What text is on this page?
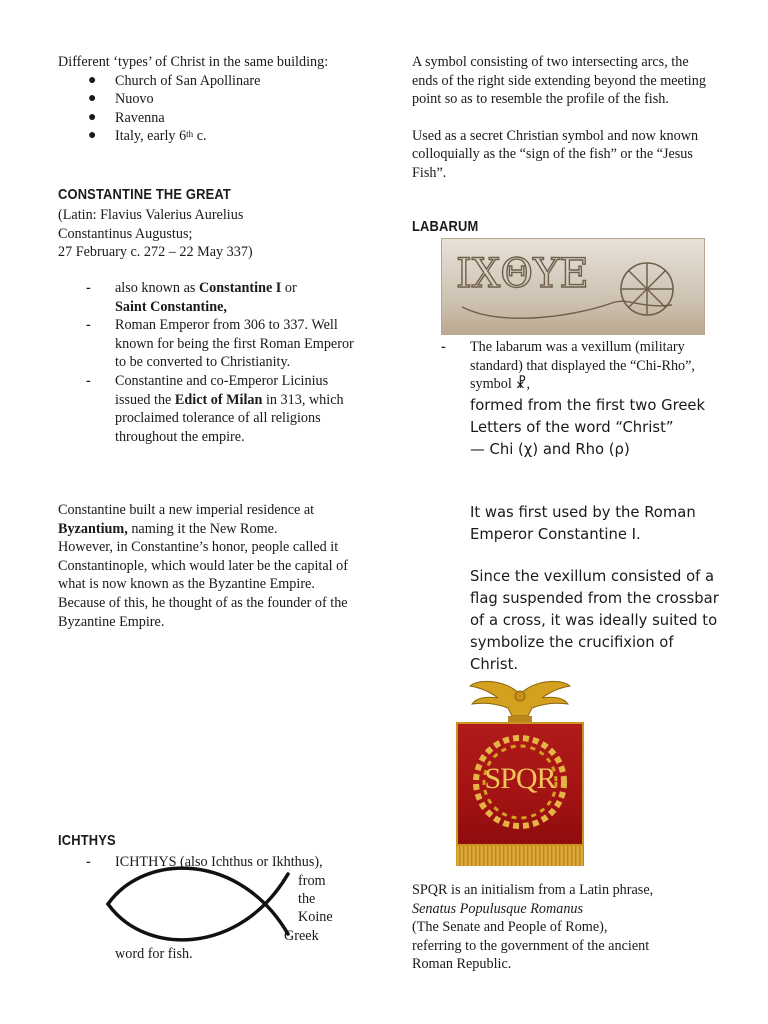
Different ‘types’ of Christ in the same building:
● Church of San Apollinare
● Nuovo
● Ravenna
● Italy, early 6th c.
CONSTANTINE THE GREAT
(Latin: Flavius Valerius Aurelius
Constantinus Augustus;
27 February c. 272 – 22 May 337)
- also known as Constantine I or
Saint Constantine,
- Roman Emperor from 306 to 337. Well known for being the first Roman Emperor to be converted to Christianity.
- Constantine and co-Emperor Licinius issued the Edict of Milan in 313, which proclaimed tolerance of all religions throughout the empire.
Constantine built a new imperial residence at Byzantium, naming it the New Rome.
However, in Constantine’s honor, people called it Constantinople, which would later be the capital of what is now known as the Byzantine Empire.
Because of this, he thought of as the founder of the Byzantine Empire.
ICHTHYS
- ICHTHYS (also Ichthus or Ikhthus),
from
the
Koine
Greek
word for fish.
A symbol consisting of two intersecting arcs, the ends of the right side extending beyond the meeting point so as to resemble the profile of the fish.
Used as a secret Christian symbol and now known colloquially as the “sign of the fish” or the “Jesus Fish”.
LABARUM
IXΘYE
- The labarum was a vexillum (military standard) that displayed the “Chi-Rho”, symbol ☧,
formed from the first two Greek Letters of the word “Christ”
— Chi (χ) and Rho (ρ)
It was first used by the Roman Emperor Constantine I.
Since the vexillum consisted of a flag suspended from the crossbar of a cross, it was ideally suited to symbolize the crucifixion of Christ.
SPQR
SPQR is an initialism from a Latin phrase,
Senatus Populusque Romanus
(The Senate and People of Rome),
referring to the government of the ancient
Roman Republic.
